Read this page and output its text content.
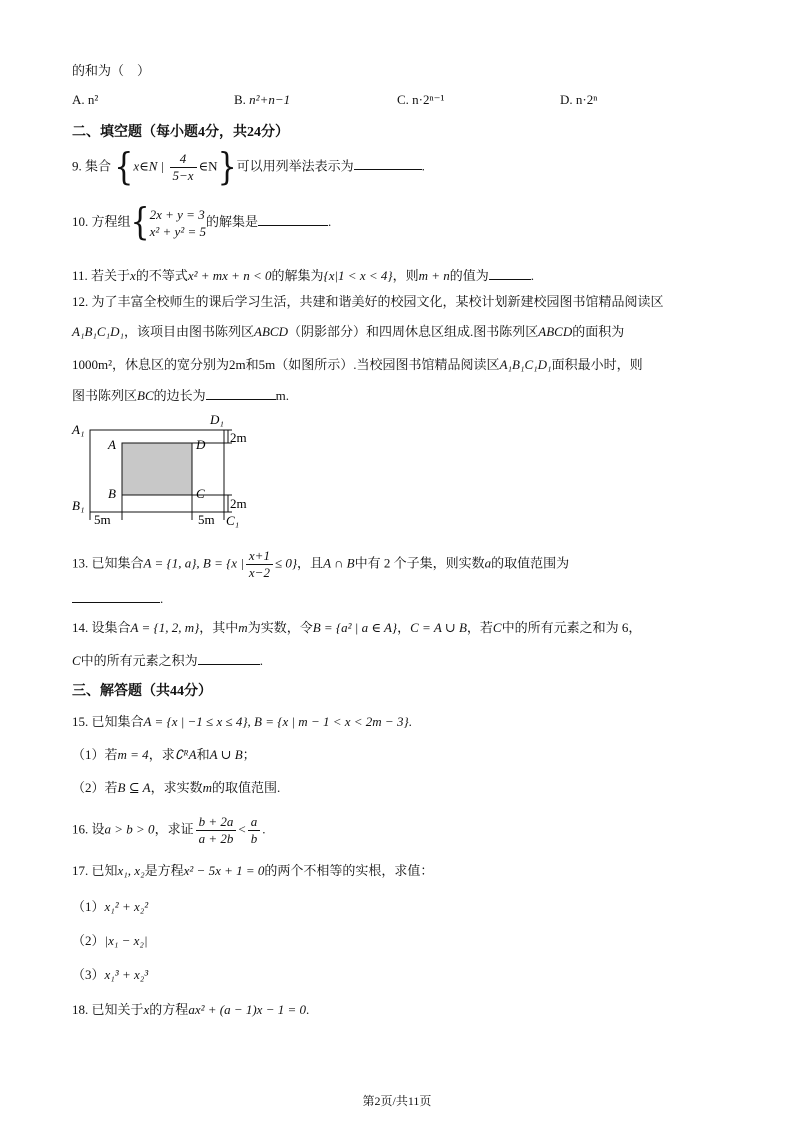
的和为（　）
A. n²	B. n²+n−1	C. n·2ⁿ⁻¹	D. n·2ⁿ
二、填空题（每小题4分，共24分）
9. 集合 {x∈N | $\frac{4}{5-x}$ ∈N}可以用列举法表示为	.
10. 方程组{ 2x + y = 3
x² + y² = 5
的解集是	.
11. 若关于x的不等式x² + mx + n < 0的解集为{x|1 < x < 4}，则m + n的值为	.
12. 为了丰富全校师生的课后学习生活，共建和谐美好的校园文化，某校计划新建校园图书馆精品阅读区
A₁B₁C₁D₁，该项目由图书陈列区ABCD（阴影部分）和四周休息区组成.图书陈列区ABCD的面积为
1000m²，休息区的宽分别为2m和5m（如图所示）.当校园图书馆精品阅读区A₁B₁C₁D₁面积最小时，则
图书陈列区BC的边长为	m.
A₁
D₁
B₁
C₁
A	D
B	C
2m
2m
5m	5m
13. 已知集合A = {1, a}, B = {x | $\frac{x+1}{x-2} \le 0$}，且A ∩ B中有 2 个子集，则实数a的取值范围为
.
14. 设集合A = {1, 2, m}，其中m为实数，令B = {a² | a ∈ A}，C = A ∪ B，若C中的所有元素之和为 6，
C中的所有元素之积为	.
三、解答题（共44分）
15. 已知集合A = {x | −1 ≤ x ≤ 4}, B = {x | m − 1 < x < 2m − 3}.
（1）若m = 4，求∁ᴿA和A ∪ B；
（2）若B ⊆ A，求实数m的取值范围.
16. 设a > b > 0，求证 $\frac{b + 2a}{a + 2b} < \frac{a}{b}$ .
17. 已知x₁, x₂是方程x² − 5x + 1 = 0的两个不相等的实根，求值：
（1）x₁² + x₂²
（2）|x₁ − x₂|
（3）x₁³ + x₂³
18. 已知关于x的方程ax² + (a − 1)x − 1 = 0.
第2页/共11页
